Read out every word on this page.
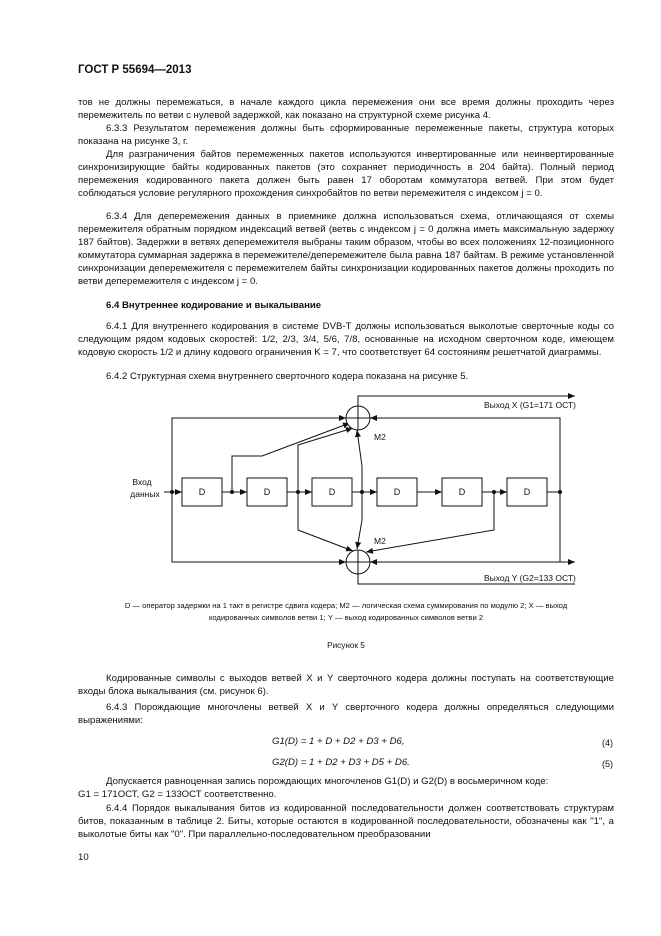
ГОСТ Р 55694—2013

тов не должны перемежаться, в начале каждого цикла перемежения они все время должны проходить через перемежитель по ветви с нулевой задержкой, как показано на структурной схеме рисунка 4.

6.3.3 Результатом перемежения должны быть сформированные перемеженные пакеты, структура которых показана на рисунке 3, г.

Для разграничения байтов перемеженных пакетов используются инвертированные или неинвертированные синхронизирующие байты кодированных пакетов (это сохраняет периодичность в 204 байта). Полный период перемежения кодированного пакета должен быть равен 17 оборотам коммутатора ветвей. При этом будет соблюдаться условие регулярного прохождения синхробайтов по ветви перемежителя с индексом j = 0.

6.3.4 Для деперемежения данных в приемнике должна использоваться схема, отличающаяся от схемы перемежителя обратным порядком индексаций ветвей (ветвь с индексом j = 0 должна иметь максимальную задержку 187 байтов). Задержки в ветвях деперемежителя выбраны таким образом, чтобы во всех положениях 12-позиционного коммутатора суммарная задержка в перемежителе/деперемежителе была равна 187 байтам. В режиме установленной синхронизации деперемежителя с перемежителем байты синхронизации кодированных пакетов должны проходить по ветви деперемежителя с индексом j = 0.

6.4 Внутреннее кодирование и выкалывание

6.4.1 Для внутреннего кодирования в системе DVB-T должны использоваться выколотые сверточные коды со следующим рядом кодовых скоростей: 1/2, 2/3, 3/4, 5/6, 7/8, основанные на исходном сверточном коде, имеющем кодовую скорость 1/2 и длину кодового ограничения K = 7, что соответствует 64 состояниям решетчатой диаграммы.

6.4.2 Структурная схема внутреннего сверточного кодера показана на рисунке 5.

D	D	D	D	D	D
Вход
данных
M2
M2
Выход X (G1=171 ОСТ)
Выход Y (G2=133 ОСТ)
D — оператор задержки на 1 такт в регистре сдвига кодера; M2 — логическая схема суммирования по модулю 2; X — выход
кодированных символов ветви 1; Y — выход кодированных символов ветви 2
Рисунок 5

Кодированные символы с выходов ветвей X и Y сверточного кодера должны поступать на соответствующие входы блока выкалывания (см. рисунок 6).

6.4.3 Порождающие многочлены ветвей X и Y сверточного кодера должны определяться следующими выражениями:

G1(D) = 1 + D + D2 + D3 + D6,	(4)
G2(D) = 1 + D2 + D3 + D5 + D6.	(5)

Допускается равноценная запись порождающих многочленов G1(D) и G2(D) в восьмеричном коде:

G1 = 171ОСТ, G2 = 133ОСТ соответственно.

6.4.4 Порядок выкалывания битов из кодированной последовательности должен соответствовать структурам битов, показанным в таблице 2. Биты, которые остаются в кодированной последовательности, обозначены как "1", а выколотые биты как "0". При параллельно-последовательном преобразовании

10
